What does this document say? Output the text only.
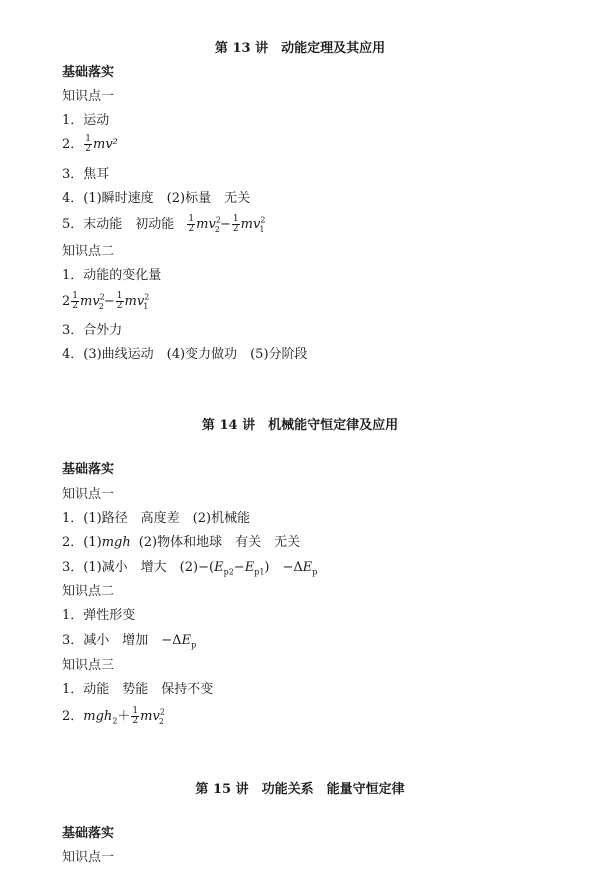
第 13 讲　动能定理及其应用
基础落实
知识点一
1．运动
2． $\frac{1}{2} mv^2$
3．焦耳
4．(1)瞬时速度　(2)标量　无关
5．末动能　初动能 $\frac{1}{2} mv^2_2- \frac{1}{2} mv^2_1$
知识点二
1．动能的变化量
$2 \frac{1}{2} mv^2_2- \frac{1}{2} mv^2_1$
3．合外力
4．(3)曲线运动　(4)变力做功　(5)分阶段
第 14 讲　机械能守恒定律及应用
基础落实
知识点一
1．(1)路径　高度差　(2)机械能
2．(1)mgh (2)物体和地球　有关　无关
3．(1)减小　增大　$(2)-(E_{p2}-E_{p1})$　$-\Delta E_p$
知识点二
1．弹性形变
3．减小　增加　$-\Delta E_p$
知识点三
1．动能　势能　保持不变
2．$mgh_2+ \frac{1}{2} mv^2_2$
第 15 讲　功能关系　能量守恒定律
基础落实
知识点一
